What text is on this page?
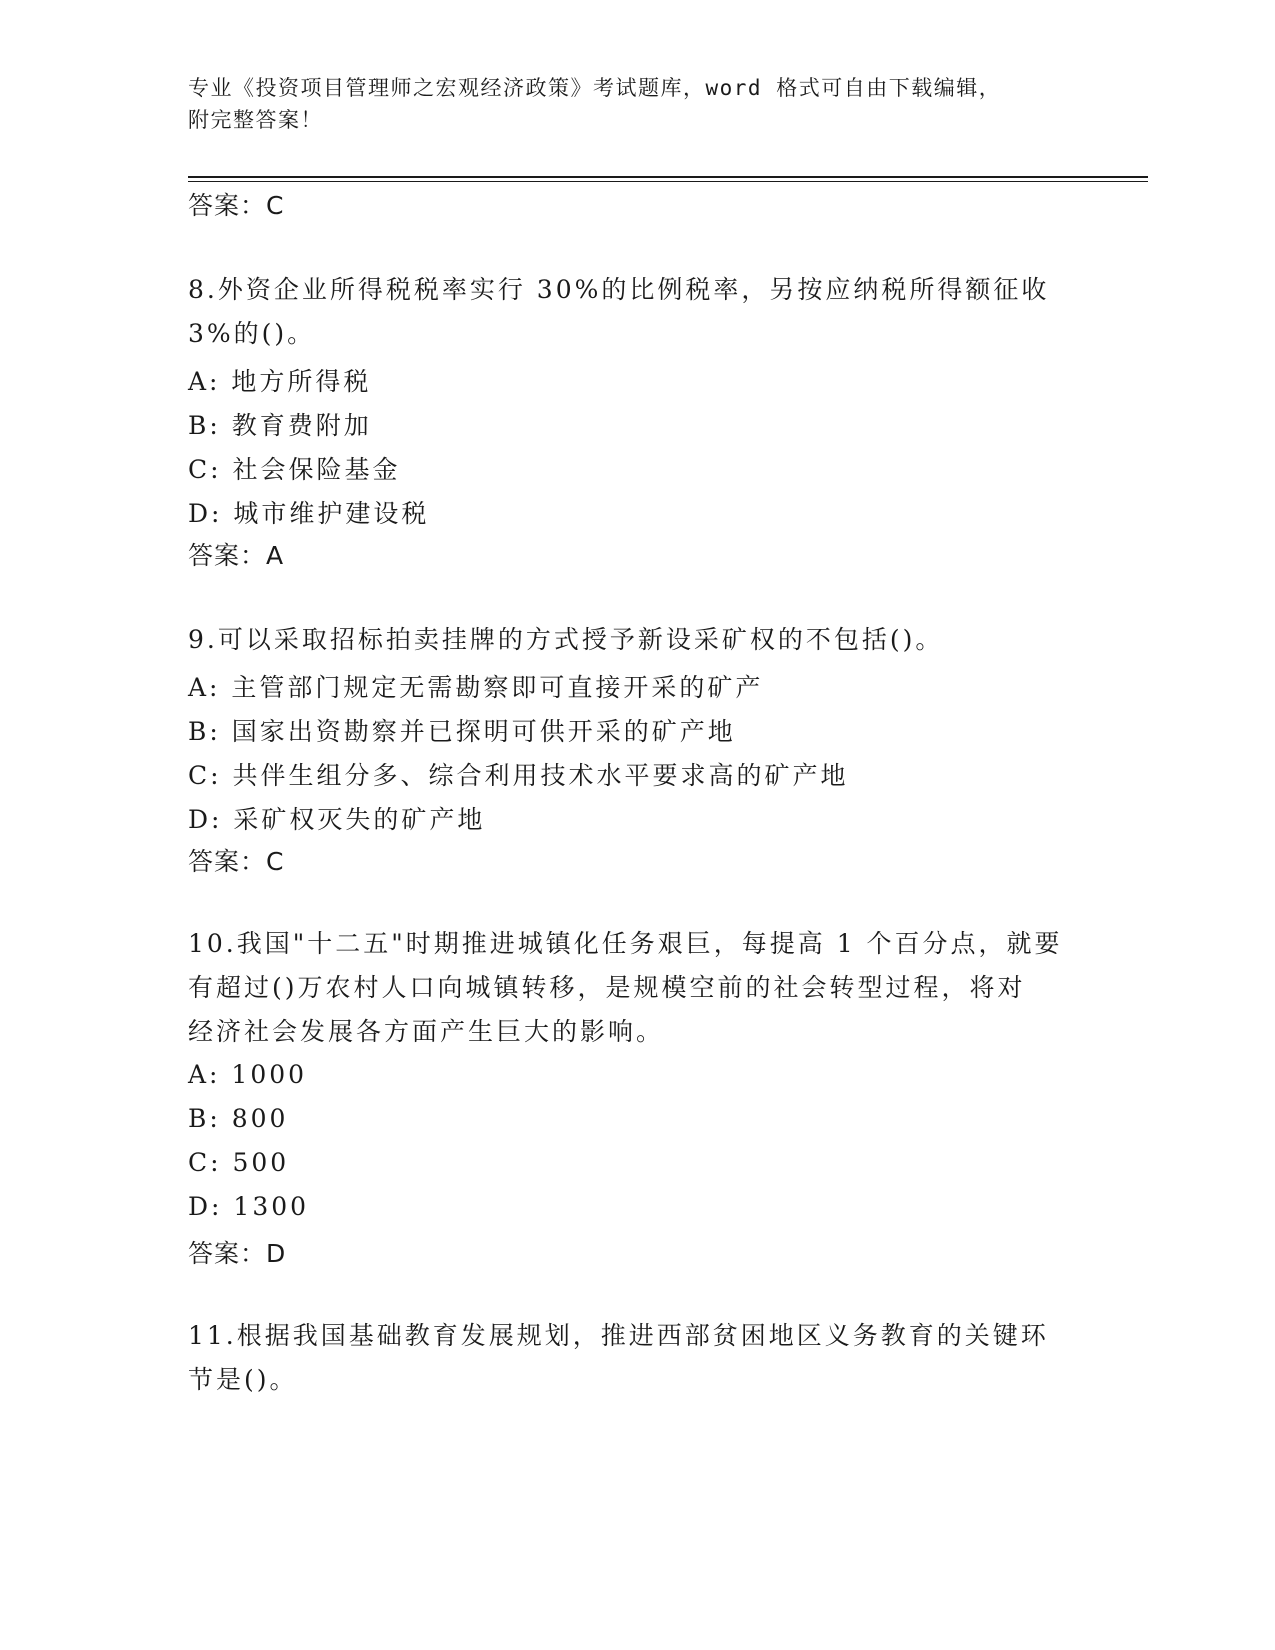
专业《投资项目管理师之宏观经济政策》考试题库，word 格式可自由下载编辑，
附完整答案！
答案：C
8.外资企业所得税税率实行 30%的比例税率，另按应纳税所得额征收
3%的()。
A: 地方所得税
B: 教育费附加
C: 社会保险基金
D: 城市维护建设税
答案：A
9.可以采取招标拍卖挂牌的方式授予新设采矿权的不包括()。
A: 主管部门规定无需勘察即可直接开采的矿产
B: 国家出资勘察并已探明可供开采的矿产地
C: 共伴生组分多、综合利用技术水平要求高的矿产地
D: 采矿权灭失的矿产地
答案：C
10.我国"十二五"时期推进城镇化任务艰巨，每提高 1 个百分点，就要
有超过()万农村人口向城镇转移，是规模空前的社会转型过程，将对
经济社会发展各方面产生巨大的影响。
A: 1000
B: 800
C: 500
D: 1300
答案：D
11.根据我国基础教育发展规划，推进西部贫困地区义务教育的关键环
节是()。
